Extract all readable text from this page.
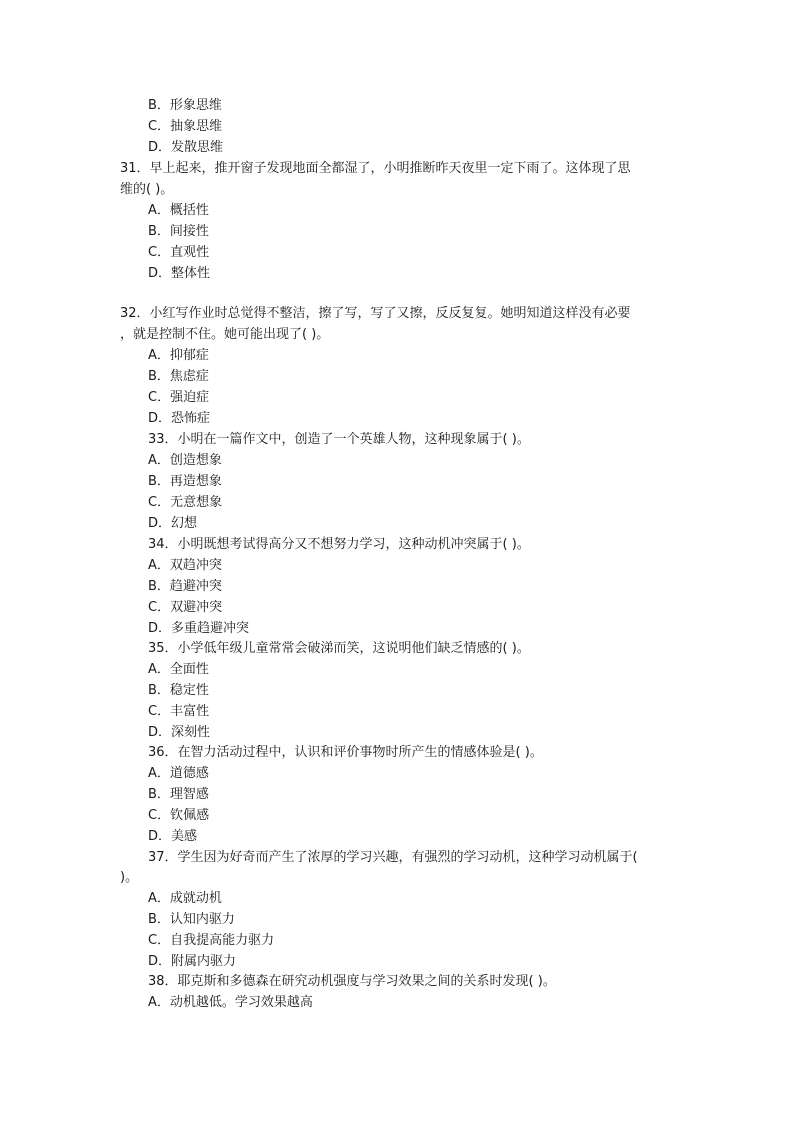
B．形象思维
C．抽象思维
D．发散思维
31．早上起来，推开窗子发现地面全都湿了，小明推断昨天夜里一定下雨了。这体现了思
维的( )。
A．概括性
B．间接性
C．直观性
D．整体性
32．小红写作业时总觉得不整洁，擦了写，写了又擦，反反复复。她明知道这样没有必要
，就是控制不住。她可能出现了( )。
A．抑郁症
B．焦虑症
C．强迫症
D．恐怖症
33．小明在一篇作文中，创造了一个英雄人物，这种现象属于( )。
A．创造想象
B．再造想象
C．无意想象
D．幻想
34．小明既想考试得高分又不想努力学习，这种动机冲突属于( )。
A．双趋冲突
B．趋避冲突
C．双避冲突
D．多重趋避冲突
35．小学低年级儿童常常会破涕而笑，这说明他们缺乏情感的( )。
A．全面性
B．稳定性
C．丰富性
D．深刻性
36．在智力活动过程中，认识和评价事物时所产生的情感体验是( )。
A．道德感
B．理智感
C．钦佩感
D．美感
37．学生因为好奇而产生了浓厚的学习兴趣，有强烈的学习动机，这种学习动机属于(
)。
A．成就动机
B．认知内驱力
C．自我提高能力驱力
D．附属内驱力
38．耶克斯和多德森在研究动机强度与学习效果之间的关系时发现( )。
A．动机越低。学习效果越高
